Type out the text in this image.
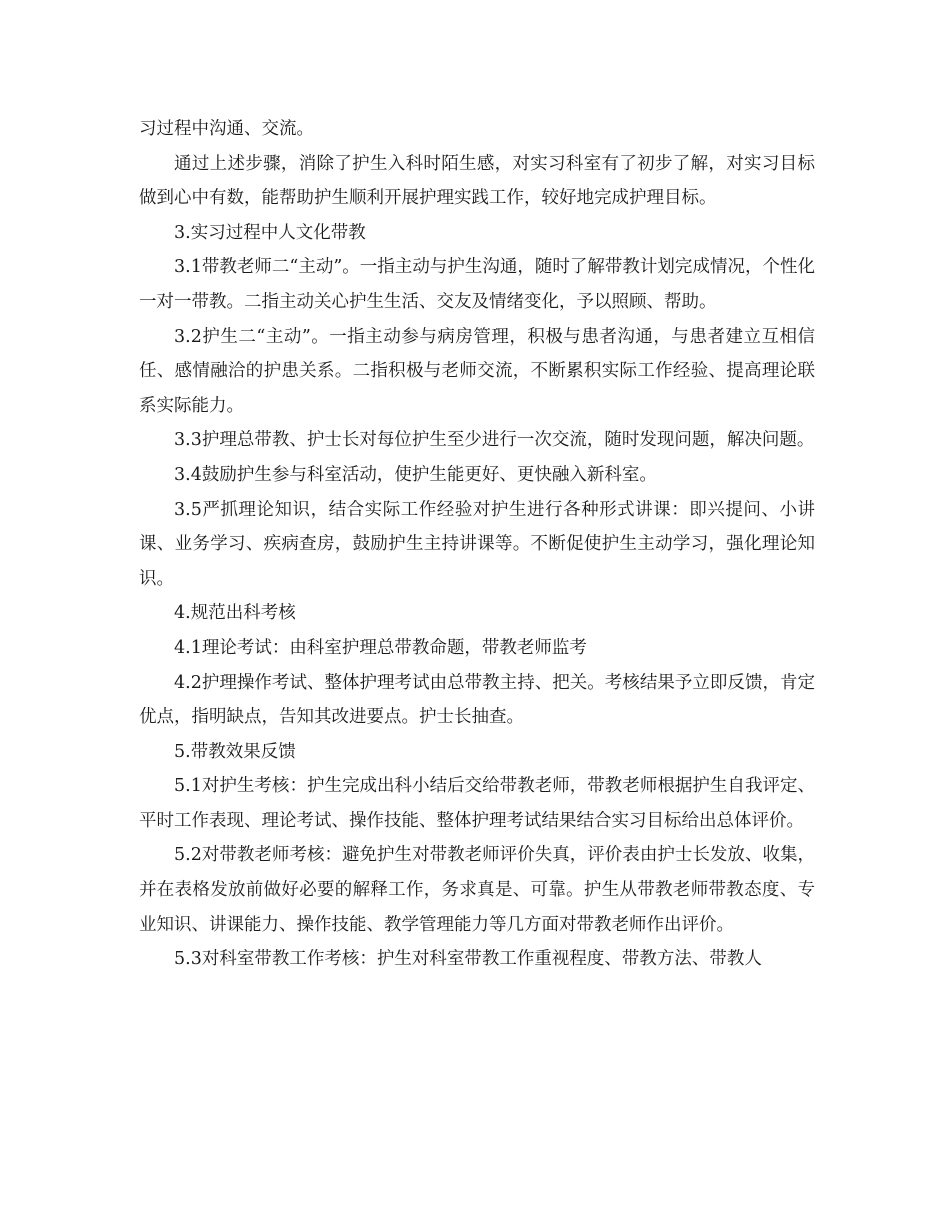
习过程中沟通、交流。

通过上述步骤，消除了护生入科时陌生感，对实习科室有了初步了解，对实习目标做到心中有数，能帮助护生顺利开展护理实践工作，较好地完成护理目标。

3.实习过程中人文化带教

3.1带教老师二“主动”。一指主动与护生沟通，随时了解带教计划完成情况，个性化一对一带教。二指主动关心护生生活、交友及情绪变化，予以照顾、帮助。

3.2护生二“主动”。一指主动参与病房管理，积极与患者沟通，与患者建立互相信任、感情融洽的护患关系。二指积极与老师交流，不断累积实际工作经验、提高理论联系实际能力。

3.3护理总带教、护士长对每位护生至少进行一次交流，随时发现问题，解决问题。

3.4鼓励护生参与科室活动，使护生能更好、更快融入新科室。

3.5严抓理论知识，结合实际工作经验对护生进行各种形式讲课：即兴提问、小讲课、业务学习、疾病查房，鼓励护生主持讲课等。不断促使护生主动学习，强化理论知识。

4.规范出科考核

4.1理论考试：由科室护理总带教命题，带教老师监考

4.2护理操作考试、整体护理考试由总带教主持、把关。考核结果予立即反馈，肯定优点，指明缺点，告知其改进要点。护士长抽查。

5.带教效果反馈

5.1对护生考核：护生完成出科小结后交给带教老师，带教老师根据护生自我评定、平时工作表现、理论考试、操作技能、整体护理考试结果结合实习目标给出总体评价。

5.2对带教老师考核：避免护生对带教老师评价失真，评价表由护士长发放、收集，并在表格发放前做好必要的解释工作，务求真是、可靠。护生从带教老师带教态度、专业知识、讲课能力、操作技能、教学管理能力等几方面对带教老师作出评价。

5.3对科室带教工作考核：护生对科室带教工作重视程度、带教方法、带教人
